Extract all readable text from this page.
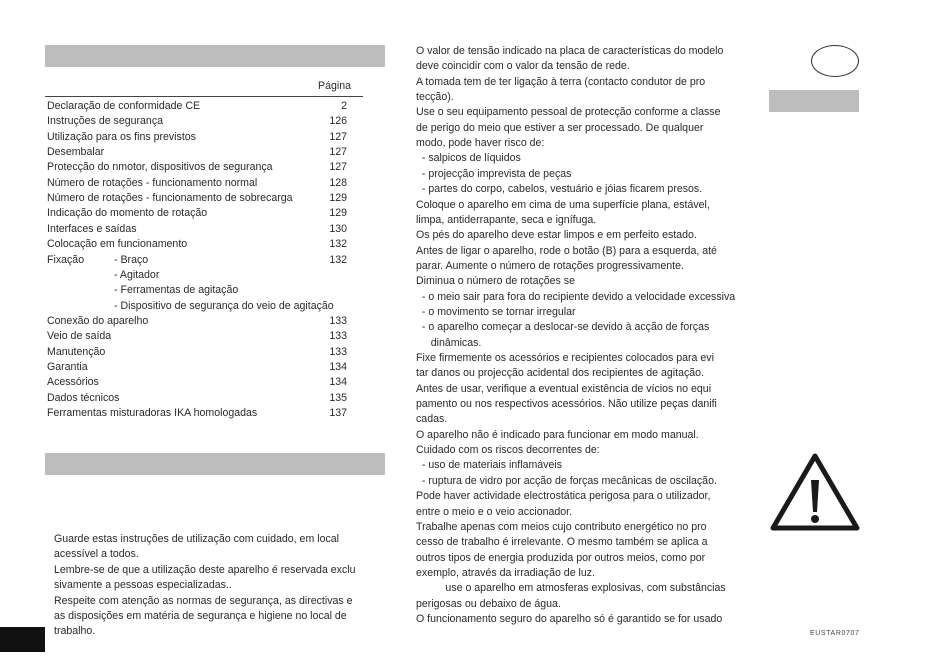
Página
Declaração de conformidade CE	2
Instruções de segurança	126
Utilização para os fins previstos	127
Desembalar	127
Protecção do nmotor, dispositivos de segurança	127
Número de rotações - funcionamento normal	128
Número de rotações - funcionamento de sobrecarga	129
Indicação do momento de rotação	129
Interfaces e saídas	130
Colocação em funcionamento	132
Fixação	132
- Braço
- Agitador
- Ferramentas de agitação
- Dispositivo de segurança do veio de agitação
Conexão do aparelho	133
Veio de saída	133
Manutenção	133
Garantia	134
Acessórios	134
Dados técnicos	135
Ferramentas misturadoras IKA homologadas	137
Guarde estas instruções de utilização com cuidado, em local
acessível a todos.
Lembre-se de que a utilização deste aparelho é reservada exclu
sivamente a pessoas especializadas..
Respeite com atenção as normas de segurança, as directivas e
as disposições em matéria de segurança e higiene no local de
trabalho.
O valor de tensão indicado na placa de características do modelo
deve coincidir com o valor da tensão de rede.
A tomada tem de ter ligação à terra (contacto condutor de pro
tecção).
Use o seu equipamento pessoal de protecção conforme a classe
de perigo do meio que estiver a ser processado. De qualquer
modo, pode haver risco de:
- salpicos de líquidos
- projecção imprevista de peças
- partes do corpo, cabelos, vestuário e jóias ficarem presos.
Coloque o aparelho em cima de uma superfície plana, estável,
limpa, antiderrapante, seca e ignífuga.
Os pés do aparelho deve estar limpos e em perfeito estado.
Antes de ligar o aparelho, rode o botão (B) para a esquerda, até
parar. Aumente o número de rotações progressivamente.
Diminua o número de rotações se
- o meio sair para fora do recipiente devido a velocidade excessiva
- o movimento se tornar irregular
- o aparelho começar a deslocar-se devido à acção de forças
dinâmicas.
Fixe firmemente os acessórios e recipientes colocados para evi
tar danos ou projecção acidental dos recipientes de agitação.
Antes de usar, verifique a eventual existência de vícios no equi
pamento ou nos respectivos acessórios. Não utilize peças danifi
cadas.
O aparelho não é indicado para funcionar em modo manual.
Cuidado com os riscos decorrentes de:
- uso de materiais inflamáveis
- ruptura de vidro por acção de forças mecânicas de oscilação.
Pode haver actividade electrostática perigosa para o utilizador,
entre o meio e o veio accionador.
Trabalhe apenas com meios cujo contributo energético no pro
cesso de trabalho é irrelevante. O mesmo também se aplica a
outros tipos de energia produzida por outros meios, como por
exemplo, através da irradiação de luz.
use o aparelho em atmosferas explosivas, com substâncias
perigosas ou debaixo de água.
O funcionamento seguro do aparelho só é garantido se for usado
EUSTAR0707
